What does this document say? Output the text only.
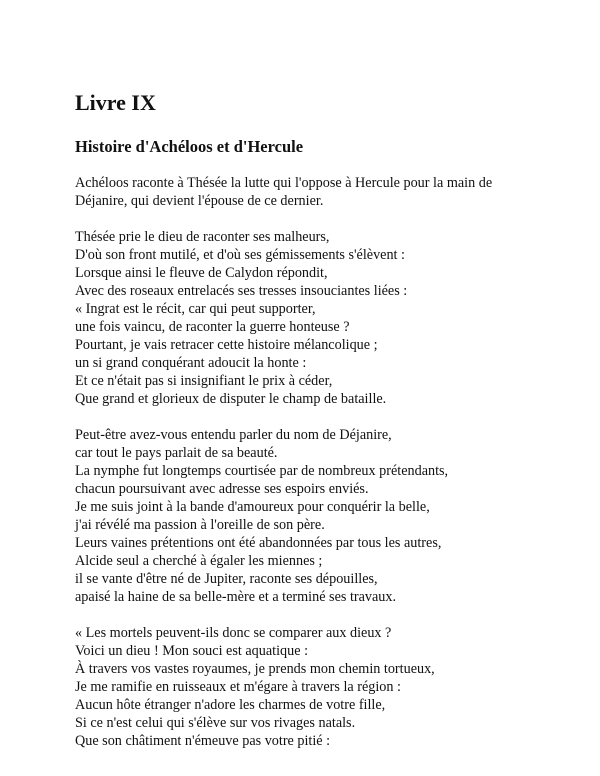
Livre IX
Histoire d'Achéloos et d'Hercule
Achéloos raconte à Thésée la lutte qui l'oppose à Hercule pour la main de
Déjanire, qui devient l'épouse de ce dernier.
Thésée prie le dieu de raconter ses malheurs,
D'où son front mutilé, et d'où ses gémissements s'élèvent :
Lorsque ainsi le fleuve de Calydon répondit,
Avec des roseaux entrelacés ses tresses insouciantes liées :
« Ingrat est le récit, car qui peut supporter,
une fois vaincu, de raconter la guerre honteuse ?
Pourtant, je vais retracer cette histoire mélancolique ;
un si grand conquérant adoucit la honte :
Et ce n'était pas si insignifiant le prix à céder,
Que grand et glorieux de disputer le champ de bataille.
Peut-être avez-vous entendu parler du nom de Déjanire,
car tout le pays parlait de sa beauté.
La nymphe fut longtemps courtisée par de nombreux prétendants,
chacun poursuivant avec adresse ses espoirs enviés.
Je me suis joint à la bande d'amoureux pour conquérir la belle,
j'ai révélé ma passion à l'oreille de son père.
Leurs vaines prétentions ont été abandonnées par tous les autres,
Alcide seul a cherché à égaler les miennes ;
il se vante d'être né de Jupiter, raconte ses dépouilles,
apaisé la haine de sa belle-mère et a terminé ses travaux.
« Les mortels peuvent-ils donc se comparer aux dieux ?
Voici un dieu ! Mon souci est aquatique :
À travers vos vastes royaumes, je prends mon chemin tortueux,
Je me ramifie en ruisseaux et m'égare à travers la région :
Aucun hôte étranger n'adore les charmes de votre fille,
Si ce n'est celui qui s'élève sur vos rivages natals.
Que son châtiment n'émeuve pas votre pitié :
